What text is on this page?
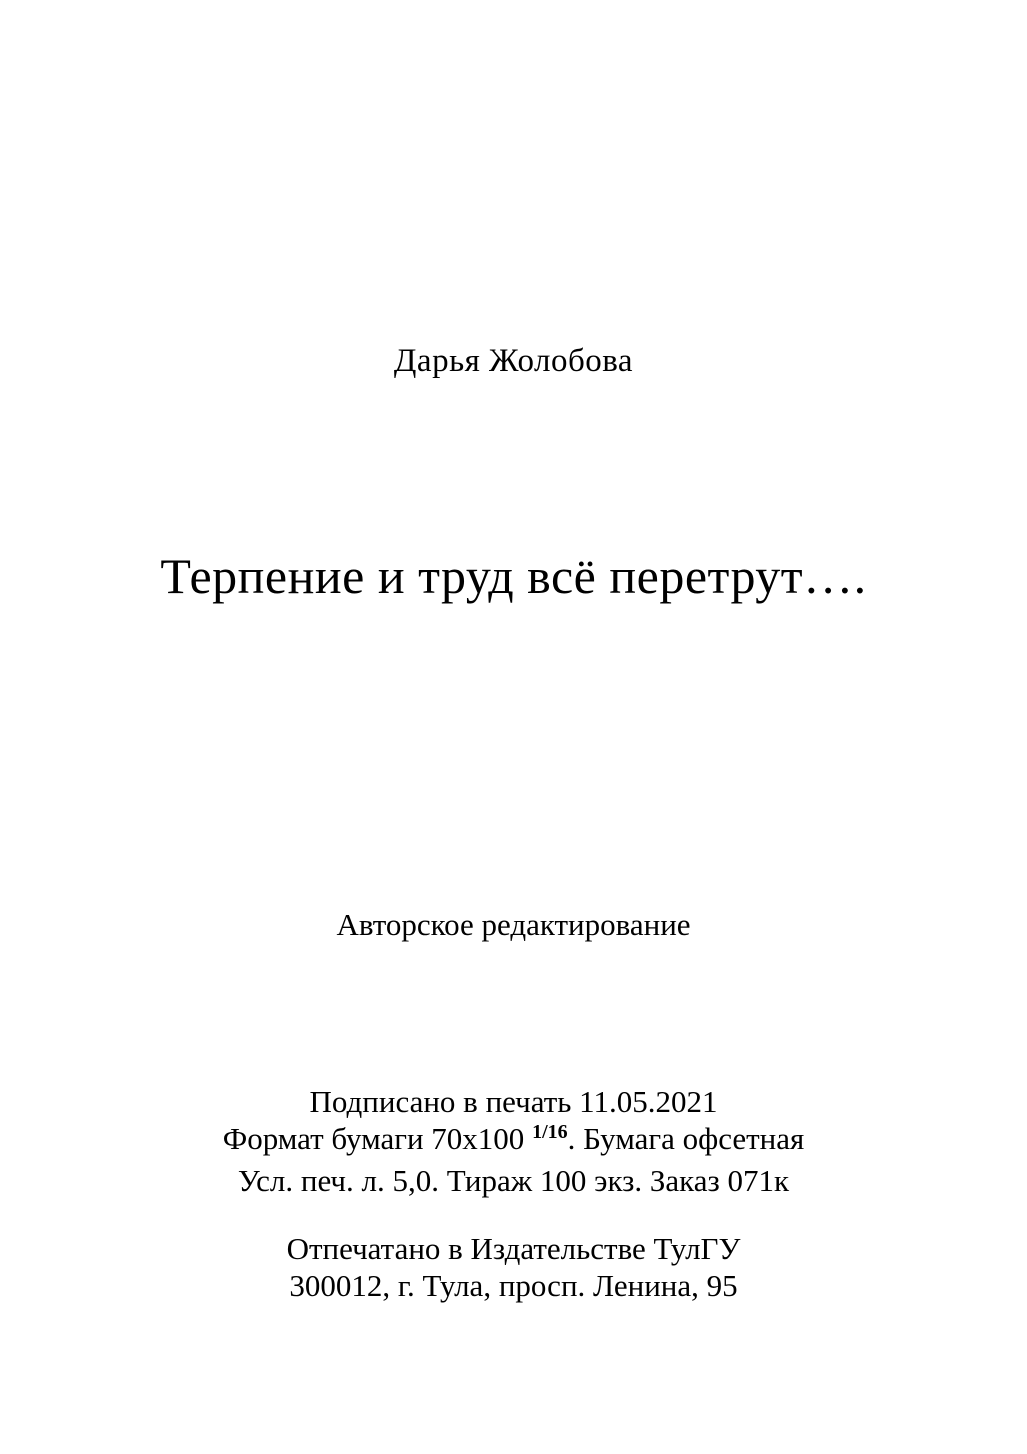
Дарья Жолобова
Терпение и труд всё перетрут….
Авторское редактирование
Подписано в печать 11.05.2021
Формат бумаги 70x100 $^{1/16}$. Бумага офсетная
Усл. печ. л. 5,0. Тираж 100 экз. Заказ 071к
Отпечатано в Издательстве ТулГУ
300012, г. Тула, просп. Ленина, 95
